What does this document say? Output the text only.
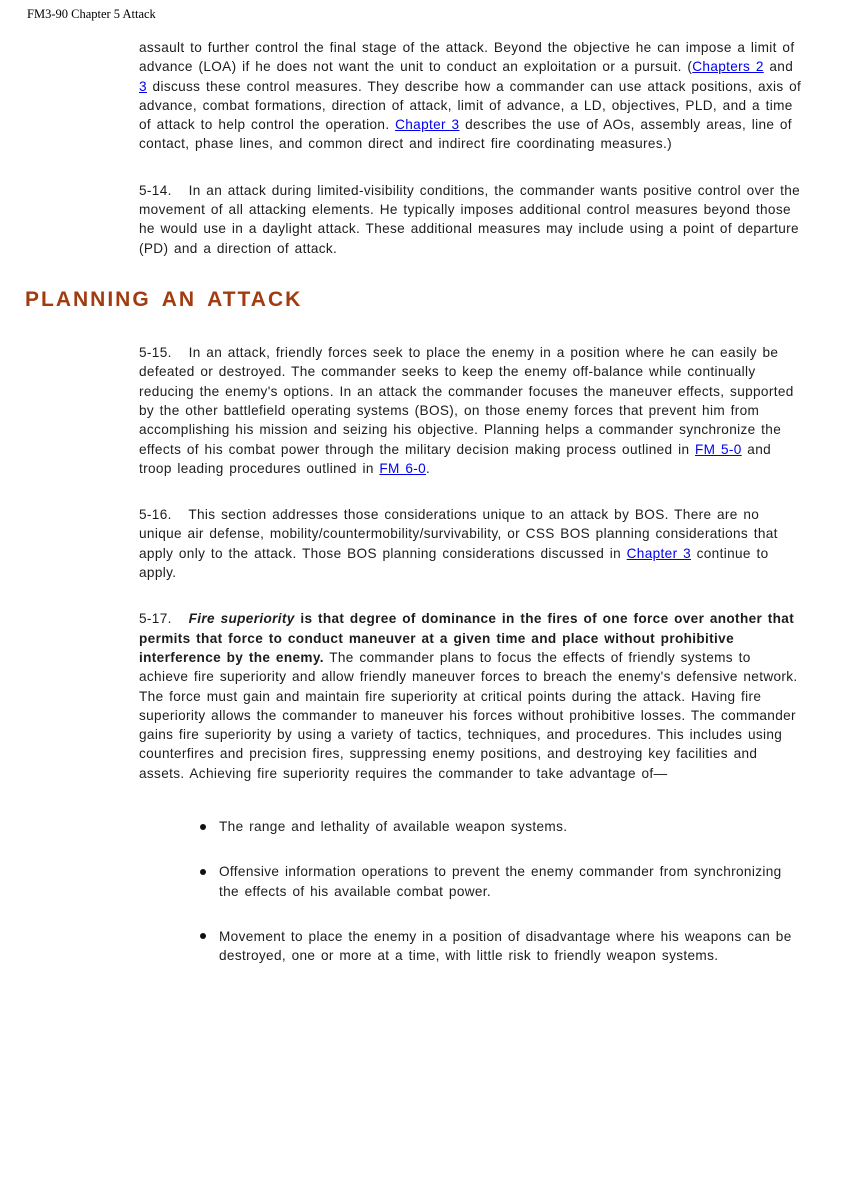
FM3-90 Chapter 5 Attack

assault to further control the final stage of the attack. Beyond the objective he can impose a limit of advance (LOA) if he does not want the unit to conduct an exploitation or a pursuit. (Chapters 2 and 3 discuss these control measures. They describe how a commander can use attack positions, axis of advance, combat formations, direction of attack, limit of advance, a LD, objectives, PLD, and a time of attack to help control the operation. Chapter 3 describes the use of AOs, assembly areas, line of contact, phase lines, and common direct and indirect fire coordinating measures.)

5-14.   In an attack during limited-visibility conditions, the commander wants positive control over the movement of all attacking elements. He typically imposes additional control measures beyond those he would use in a daylight attack. These additional measures may include using a point of departure (PD) and a direction of attack.

PLANNING AN ATTACK

5-15.   In an attack, friendly forces seek to place the enemy in a position where he can easily be defeated or destroyed. The commander seeks to keep the enemy off-balance while continually reducing the enemy's options. In an attack the commander focuses the maneuver effects, supported by the other battlefield operating systems (BOS), on those enemy forces that prevent him from accomplishing his mission and seizing his objective. Planning helps a commander synchronize the effects of his combat power through the military decision making process outlined in FM 5-0 and troop leading procedures outlined in FM 6-0.

5-16.   This section addresses those considerations unique to an attack by BOS. There are no unique air defense, mobility/countermobility/survivability, or CSS BOS planning considerations that apply only to the attack. Those BOS planning considerations discussed in Chapter 3 continue to apply.

5-17.   Fire superiority is that degree of dominance in the fires of one force over another that permits that force to conduct maneuver at a given time and place without prohibitive interference by the enemy. The commander plans to focus the effects of friendly systems to achieve fire superiority and allow friendly maneuver forces to breach the enemy's defensive network. The force must gain and maintain fire superiority at critical points during the attack. Having fire superiority allows the commander to maneuver his forces without prohibitive losses. The commander gains fire superiority by using a variety of tactics, techniques, and procedures. This includes using counterfires and precision fires, suppressing enemy positions, and destroying key facilities and assets. Achieving fire superiority requires the commander to take advantage of—

The range and lethality of available weapon systems.
Offensive information operations to prevent the enemy commander from synchronizing the effects of his available combat power.
Movement to place the enemy in a position of disadvantage where his weapons can be destroyed, one or more at a time, with little risk to friendly weapon systems.
